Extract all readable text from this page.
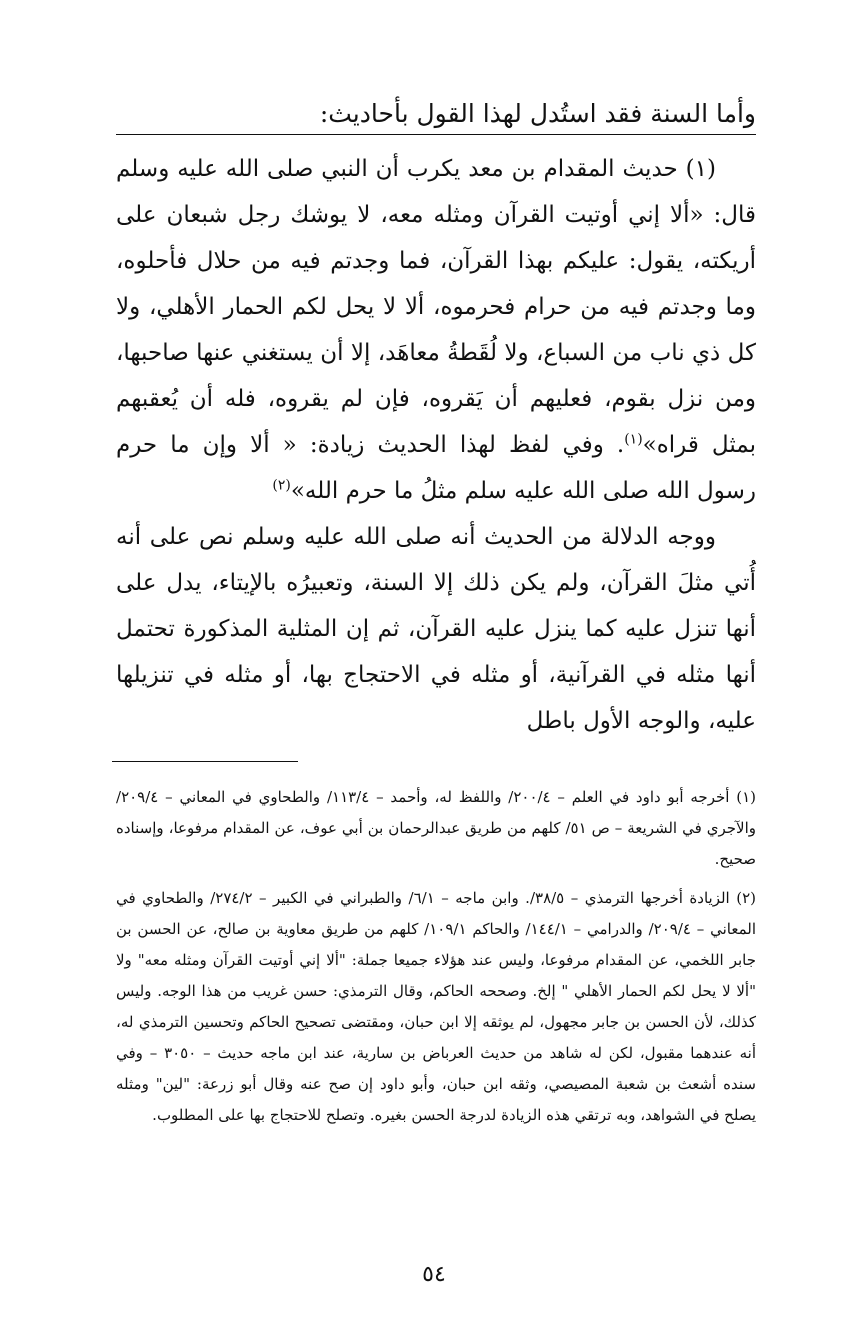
وأما السنة فقد استُدل لهذا القول بأحاديث:

(١) حديث المقدام بن معد يكرب أن النبي صلى الله عليه وسلم قال: «ألا إني أوتيت القرآن ومثله معه، لا يوشك رجل شبعان على أريكته، يقول: عليكم بهذا القرآن، فما وجدتم فيه من حلال فأحلوه، وما وجدتم فيه من حرام فحرموه، ألا لا يحل لكم الحمار الأهلي، ولا كل ذي ناب من السباع، ولا لُقَطةُ معاهَد، إلا أن يستغني عنها صاحبها، ومن نزل بقوم، فعليهم أن يَقروه، فإن لم يقروه، فله أن يُعقبهم بمثل قراه»$^{(١)}$. وفي لفظ لهذا الحديث زيادة: « ألا وإن ما حرم رسول الله صلى الله عليه سلم مثلُ ما حرم الله»$^{(٢)}$

ووجه الدلالة من الحديث أنه صلى الله عليه وسلم نص على أنه أُتي مثلَ القرآن، ولم يكن ذلك إلا السنة، وتعبيرُه بالإيتاء، يدل على أنها تنزل عليه كما ينزل عليه القرآن، ثم إن المثلية المذكورة تحتمل أنها مثله في القرآنية، أو مثله في الاحتجاج بها، أو مثله في تنزيلها عليه، والوجه الأول باطل

(١) أخرجه أبو داود في العلم – ٢٠٠/٤/ واللفظ له، وأحمد – ١١٣/٤/ والطحاوي في المعاني – ٢٠٩/٤/ والآجري في الشريعة – ص ٥١/ كلهم من طريق عبدالرحمان بن أبي عوف، عن المقدام مرفوعا، وإسناده صحيح.

(٢) الزيادة أخرجها الترمذي – ٣٨/٥/. وابن ماجه – ٦/١/ والطبراني في الكبير – ٢٧٤/٢/ والطحاوي في المعاني – ٢٠٩/٤/ والدرامي – ١٤٤/١/ والحاكم ١٠٩/١/ كلهم من طريق معاوية بن صالح، عن الحسن بن جابر اللخمي، عن المقدام مرفوعا، وليس عند هؤلاء جميعا جملة: "ألا إني أوتيت القرآن ومثله معه" ولا "ألا لا يحل لكم الحمار الأهلي " إلخ. وصححه الحاكم، وقال الترمذي: حسن غريب من هذا الوجه. وليس كذلك، لأن الحسن بن جابر مجهول، لم يوثقه إلا ابن حبان، ومقتضى تصحيح الحاكم وتحسين الترمذي له، أنه عندهما مقبول، لكن له شاهد من حديث العرباض بن سارية، عند ابن ماجه حديث – ٣٠٥٠ – وفي سنده أشعث بن شعبة المصيصي، وثقه ابن حبان، وأبو داود إن صح عنه وقال أبو زرعة: "لين" ومثله يصلح في الشواهد، وبه ترتقي هذه الزيادة لدرجة الحسن بغيره. وتصلح للاحتجاج بها على المطلوب.

٥٤
